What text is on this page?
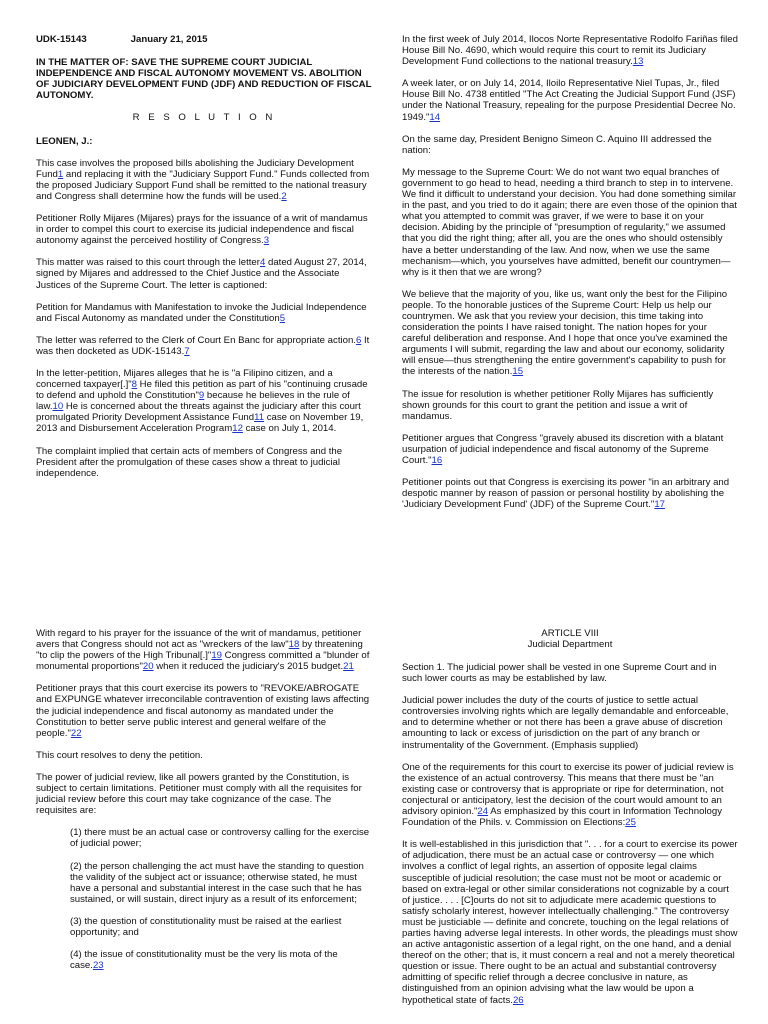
UDK-15143	January 21, 2015

IN THE MATTER OF: SAVE THE SUPREME COURT JUDICIAL INDEPENDENCE AND FISCAL AUTONOMY MOVEMENT VS. ABOLITION OF JUDICIARY DEVELOPMENT FUND (JDF) AND REDUCTION OF FISCAL AUTONOMY.

R E S O L U T I O N

LEONEN, J.:

This case involves the proposed bills abolishing the Judiciary Development Fund1 and replacing it with the "Judiciary Support Fund." Funds collected from the proposed Judiciary Support Fund shall be remitted to the national treasury and Congress shall determine how the funds will be used.2

Petitioner Rolly Mijares (Mijares) prays for the issuance of a writ of mandamus in order to compel this court to exercise its judicial independence and fiscal autonomy against the perceived hostility of Congress.3

This matter was raised to this court through the letter4 dated August 27, 2014, signed by Mijares and addressed to the Chief Justice and the Associate Justices of the Supreme Court. The letter is captioned:

Petition for Mandamus with Manifestation to invoke the Judicial Independence and Fiscal Autonomy as mandated under the Constitution5

The letter was referred to the Clerk of Court En Banc for appropriate action.6 It was then docketed as UDK-15143.7

In the letter-petition, Mijares alleges that he is "a Filipino citizen, and a concerned taxpayer[.]"8 He filed this petition as part of his "continuing crusade to defend and uphold the Constitution"9 because he believes in the rule of law.10 He is concerned about the threats against the judiciary after this court promulgated Priority Development Assistance Fund11 case on November 19, 2013 and Disbursement Acceleration Program12 case on July 1, 2014.

The complaint implied that certain acts of members of Congress and the President after the promulgation of these cases show a threat to judicial independence.

In the first week of July 2014, Ilocos Norte Representative Rodolfo Fariñas filed House Bill No. 4690, which would require this court to remit its Judiciary Development Fund collections to the national treasury.13

A week later, or on July 14, 2014, Iloilo Representative Niel Tupas, Jr., filed House Bill No. 4738 entitled "The Act Creating the Judicial Support Fund (JSF) under the National Treasury, repealing for the purpose Presidential Decree No. 1949."14

On the same day, President Benigno Simeon C. Aquino III addressed the nation:

My message to the Supreme Court: We do not want two equal branches of government to go head to head, needing a third branch to step in to intervene. We find it difficult to understand your decision. You had done something similar in the past, and you tried to do it again; there are even those of the opinion that what you attempted to commit was graver, if we were to base it on your decision. Abiding by the principle of "presumption of regularity," we assumed that you did the right thing; after all, you are the ones who should ostensibly have a better understanding of the law. And now, when we use the same mechanism—which, you yourselves have admitted, benefit our countrymen—why is it then that we are wrong?

We believe that the majority of you, like us, want only the best for the Filipino people. To the honorable justices of the Supreme Court: Help us help our countrymen. We ask that you review your decision, this time taking into consideration the points I have raised tonight. The nation hopes for your careful deliberation and response. And I hope that once you've examined the arguments I will submit, regarding the law and about our economy, solidarity will ensue—thus strengthening the entire government's capability to push for the interests of the nation.15

The issue for resolution is whether petitioner Rolly Mijares has sufficiently shown grounds for this court to grant the petition and issue a writ of mandamus.

Petitioner argues that Congress "gravely abused its discretion with a blatant usurpation of judicial independence and fiscal autonomy of the Supreme Court."16

Petitioner points out that Congress is exercising its power "in an arbitrary and despotic manner by reason of passion or personal hostility by abolishing the 'Judiciary Development Fund' (JDF) of the Supreme Court."17

With regard to his prayer for the issuance of the writ of mandamus, petitioner avers that Congress should not act as "wreckers of the law"18 by threatening "to clip the powers of the High Tribunal[.]"19 Congress committed a "blunder of monumental proportions"20 when it reduced the judiciary's 2015 budget.21

Petitioner prays that this court exercise its powers to "REVOKE/ABROGATE and EXPUNGE whatever irreconcilable contravention of existing laws affecting the judicial independence and fiscal autonomy as mandated under the Constitution to better serve public interest and general welfare of the people."22

This court resolves to deny the petition.

The power of judicial review, like all powers granted by the Constitution, is subject to certain limitations. Petitioner must comply with all the requisites for judicial review before this court may take cognizance of the case. The requisites are:

(1) there must be an actual case or controversy calling for the exercise of judicial power;

(2) the person challenging the act must have the standing to question the validity of the subject act or issuance; otherwise stated, he must have a personal and substantial interest in the case such that he has sustained, or will sustain, direct injury as a result of its enforcement;

(3) the question of constitutionality must be raised at the earliest opportunity; and

(4) the issue of constitutionality must be the very lis mota of the case.23

ARTICLE VIII
Judicial Department

Section 1. The judicial power shall be vested in one Supreme Court and in such lower courts as may be established by law.

Judicial power includes the duty of the courts of justice to settle actual controversies involving rights which are legally demandable and enforceable, and to determine whether or not there has been a grave abuse of discretion amounting to lack or excess of jurisdiction on the part of any branch or instrumentality of the Government. (Emphasis supplied)

One of the requirements for this court to exercise its power of judicial review is the existence of an actual controversy. This means that there must be "an existing case or controversy that is appropriate or ripe for determination, not conjectural or anticipatory, lest the decision of the court would amount to an advisory opinion."24 As emphasized by this court in Information Technology Foundation of the Phils. v. Commission on Elections:25

It is well-established in this jurisdiction that ". . . for a court to exercise its power of adjudication, there must be an actual case or controversy — one which involves a conflict of legal rights, an assertion of opposite legal claims susceptible of judicial resolution; the case must not be moot or academic or based on extra-legal or other similar considerations not cognizable by a court of justice. . . . [C]ourts do not sit to adjudicate mere academic questions to satisfy scholarly interest, however intellectually challenging." The controversy must be justiciable — definite and concrete, touching on the legal relations of parties having adverse legal interests. In other words, the pleadings must show an active antagonistic assertion of a legal right, on the one hand, and a denial thereof on the other; that is, it must concern a real and not a merely theoretical question or issue. There ought to be an actual and substantial controversy admitting of specific relief through a decree conclusive in nature, as distinguished from an opinion advising what the law would be upon a hypothetical state of facts.26
